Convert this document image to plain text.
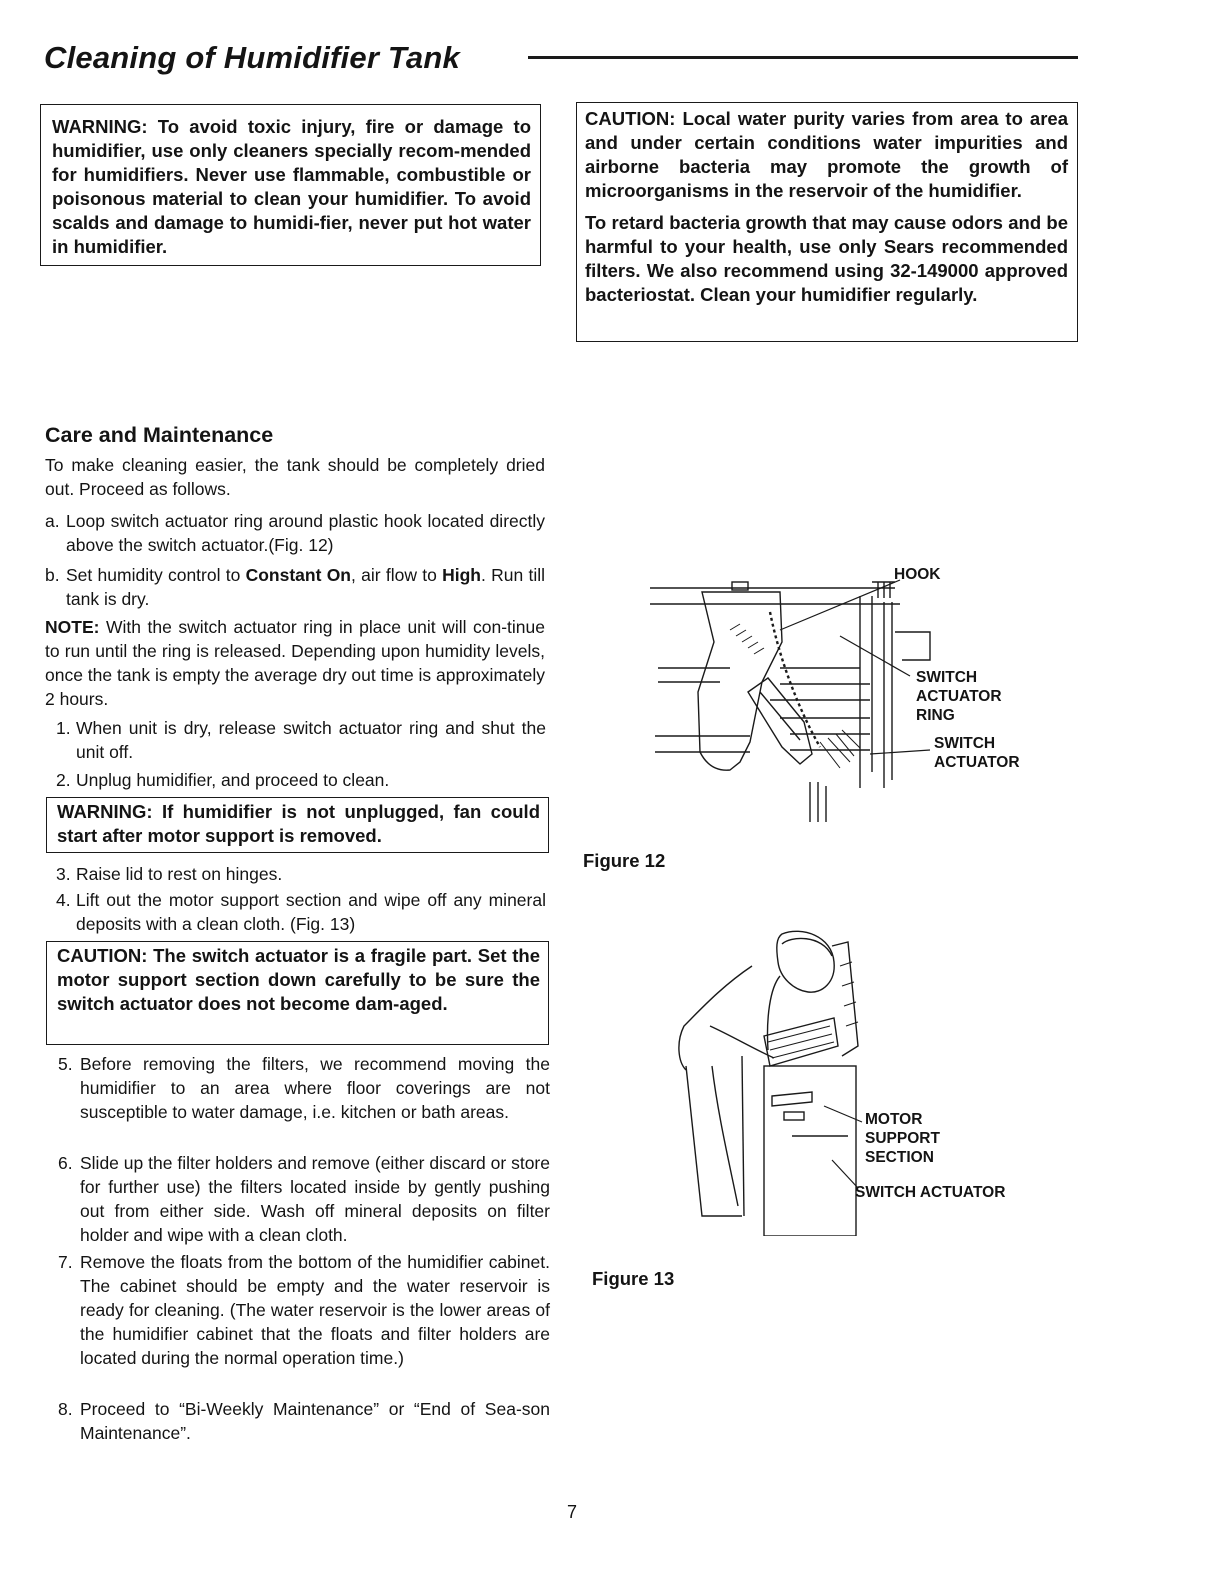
Cleaning of Humidifier Tank

WARNING: To avoid toxic injury, fire or damage to humidifier, use only cleaners specially recom-mended for humidifiers. Never use flammable, combustible or poisonous material to clean your humidifier. To avoid scalds and damage to humidi-fier, never put hot water in humidifier.

CAUTION: Local water purity varies from area to area and under certain conditions water impurities and airborne bacteria may promote the growth of microorganisms in the reservoir of the humidifier.

To retard bacteria growth that may cause odors and be harmful to your health, use only Sears recommended filters. We also recommend using 32-149000 approved bacteriostat. Clean your humidifier regularly.

Care and Maintenance

To make cleaning easier, the tank should be completely dried out. Proceed as follows.

a. Loop switch actuator ring around plastic hook located directly above the switch actuator.(Fig. 12)
b. Set humidity control to Constant On, air flow to High. Run till tank is dry.

NOTE: With the switch actuator ring in place unit will con-tinue to run until the ring is released. Depending upon humidity levels, once the tank is empty the average dry out time is approximately 2 hours.

1. When unit is dry, release switch actuator ring and shut the unit off.
2. Unplug humidifier, and proceed to clean.

WARNING: If humidifier is not unplugged, fan could start after motor support is removed.

3. Raise lid to rest on hinges.
4. Lift out the motor support section and wipe off any mineral deposits with a clean cloth. (Fig. 13)

CAUTION: The switch actuator is a fragile part. Set the motor support section down carefully to be sure the switch actuator does not become dam-aged.

5. Before removing the filters, we recommend moving the humidifier to an area where floor coverings are not susceptible to water damage, i.e. kitchen or bath areas.
6. Slide up the filter holders and remove (either discard or store for further use) the filters located inside by gently pushing out from either side. Wash off mineral deposits on filter holder and wipe with a clean cloth.
7. Remove the floats from the bottom of the humidifier cabinet. The cabinet should be empty and the water reservoir is ready for cleaning. (The water reservoir is the lower areas of the humidifier cabinet that the floats and filter holders are located during the normal operation time.)
8. Proceed to “Bi-Weekly Maintenance” or “End of Sea-son Maintenance”.

HOOK

SWITCH
ACTUATOR
RING

SWITCH
ACTUATOR

Figure 12

MOTOR
SUPPORT
SECTION

SWITCH ACTUATOR

Figure 13

7
